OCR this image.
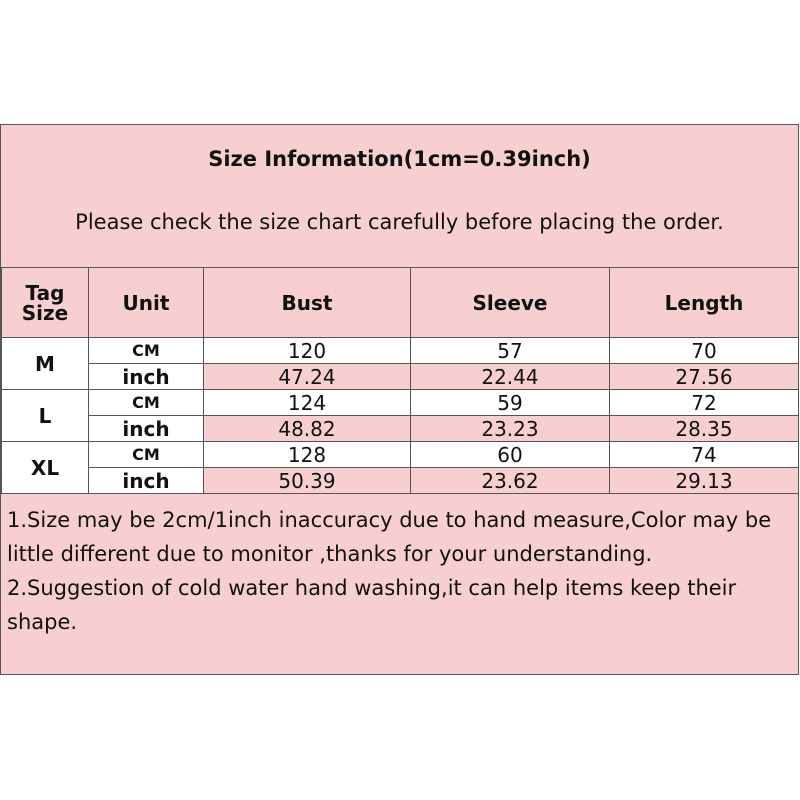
Size Information(1cm=0.39inch)
Please check the size chart carefully before placing the order.
Tag
Size	Unit	Bust	Sleeve	Length
M	CM	120	57	70
	inch	47.24	22.44	27.56
L	CM	124	59	72
	inch	48.82	23.23	28.35
XL	CM	128	60	74
	inch	50.39	23.62	29.13

1.Size may be 2cm/1inch inaccuracy due to hand measure,Color may be little different due to monitor ,thanks for your understanding.

2.Suggestion of cold water hand washing,it can help items keep their shape.
